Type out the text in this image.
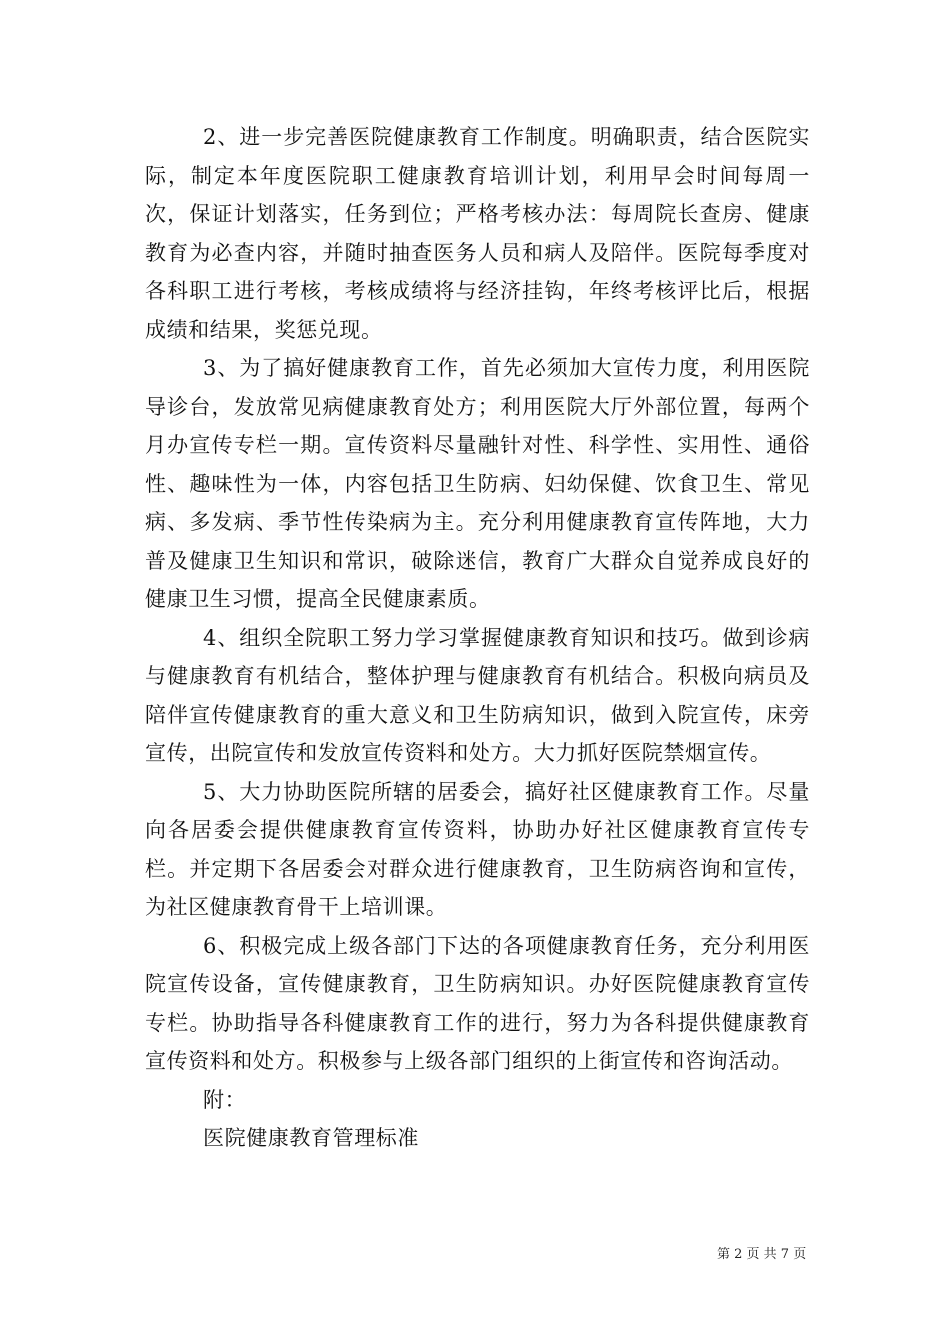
2、进一步完善医院健康教育工作制度。明确职责，结合医院实际，制定本年度医院职工健康教育培训计划，利用早会时间每周一次，保证计划落实，任务到位；严格考核办法：每周院长查房、健康教育为必查内容，并随时抽查医务人员和病人及陪伴。医院每季度对各科职工进行考核，考核成绩将与经济挂钩，年终考核评比后，根据成绩和结果，奖惩兑现。

3、为了搞好健康教育工作，首先必须加大宣传力度，利用医院导诊台，发放常见病健康教育处方；利用医院大厅外部位置，每两个月办宣传专栏一期。宣传资料尽量融针对性、科学性、实用性、通俗性、趣味性为一体，内容包括卫生防病、妇幼保健、饮食卫生、常见病、多发病、季节性传染病为主。充分利用健康教育宣传阵地，大力普及健康卫生知识和常识，破除迷信，教育广大群众自觉养成良好的健康卫生习惯，提高全民健康素质。

4、组织全院职工努力学习掌握健康教育知识和技巧。做到诊病与健康教育有机结合，整体护理与健康教育有机结合。积极向病员及陪伴宣传健康教育的重大意义和卫生防病知识，做到入院宣传，床旁宣传，出院宣传和发放宣传资料和处方。大力抓好医院禁烟宣传。

5、大力协助医院所辖的居委会，搞好社区健康教育工作。尽量向各居委会提供健康教育宣传资料，协助办好社区健康教育宣传专栏。并定期下各居委会对群众进行健康教育，卫生防病咨询和宣传，为社区健康教育骨干上培训课。

6、积极完成上级各部门下达的各项健康教育任务，充分利用医院宣传设备，宣传健康教育，卫生防病知识。办好医院健康教育宣传专栏。协助指导各科健康教育工作的进行，努力为各科提供健康教育宣传资料和处方。积极参与上级各部门组织的上街宣传和咨询活动。

附：

医院健康教育管理标准

第 2 页 共 7 页
